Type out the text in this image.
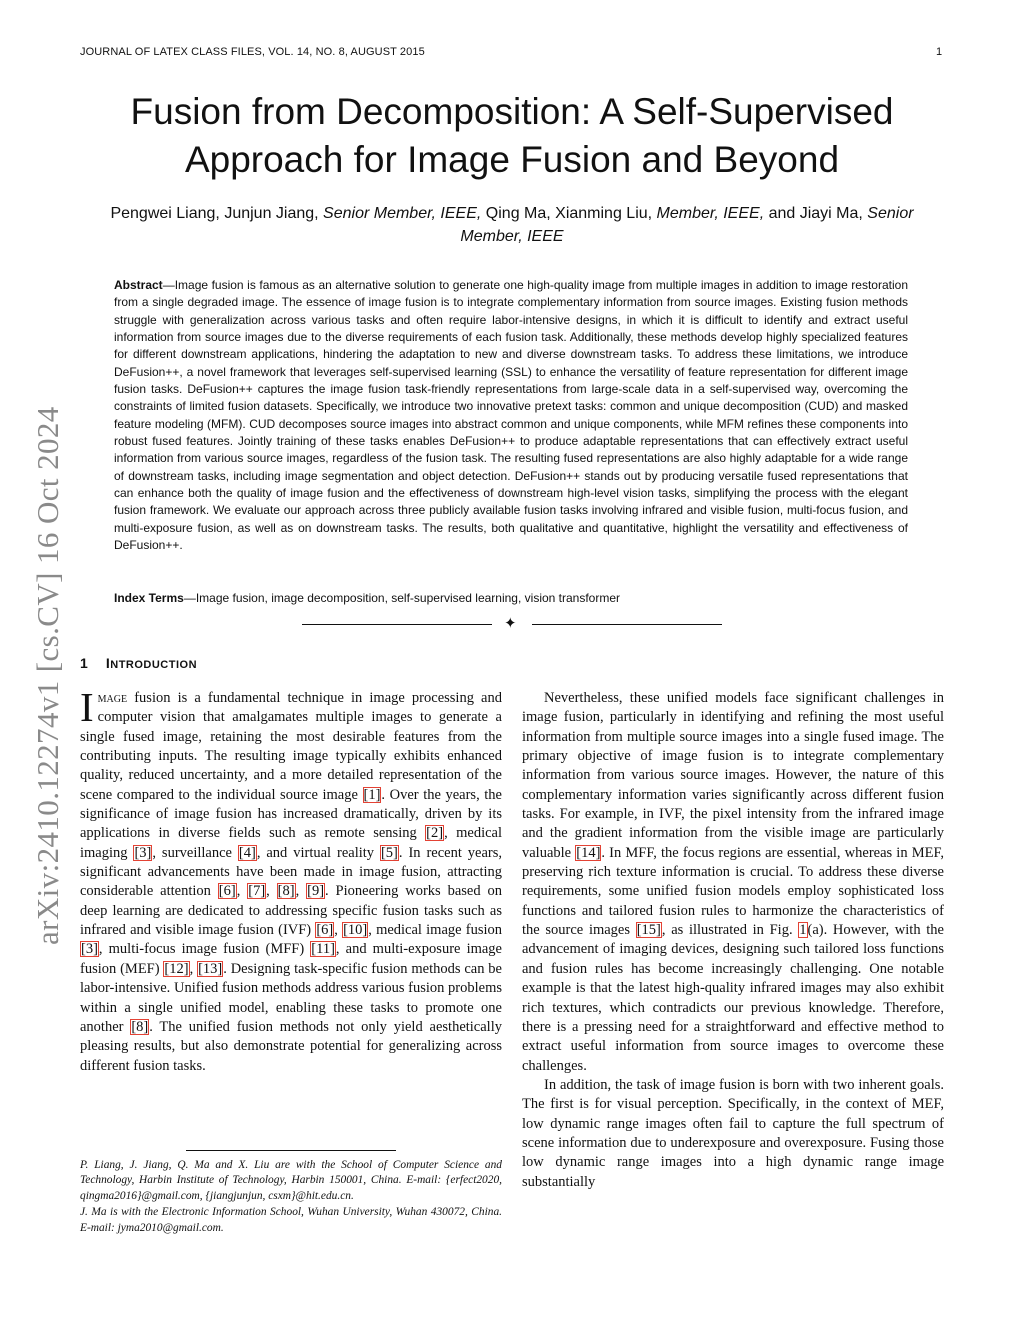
JOURNAL OF LATEX CLASS FILES, VOL. 14, NO. 8, AUGUST 2015	1
Fusion from Decomposition: A Self-Supervised
Approach for Image Fusion and Beyond
Pengwei Liang, Junjun Jiang, Senior Member, IEEE, Qing Ma, Xianming Liu, Member, IEEE, and Jiayi Ma, Senior Member, IEEE
Abstract—Image fusion is famous as an alternative solution to generate one high-quality image from multiple images in addition to image restoration from a single degraded image. The essence of image fusion is to integrate complementary information from source images. Existing fusion methods struggle with generalization across various tasks and often require labor-intensive designs, in which it is difficult to identify and extract useful information from source images due to the diverse requirements of each fusion task. Additionally, these methods develop highly specialized features for different downstream applications, hindering the adaptation to new and diverse downstream tasks. To address these limitations, we introduce DeFusion++, a novel framework that leverages self-supervised learning (SSL) to enhance the versatility of feature representation for different image fusion tasks. DeFusion++ captures the image fusion task-friendly representations from large-scale data in a self-supervised way, overcoming the constraints of limited fusion datasets. Specifically, we introduce two innovative pretext tasks: common and unique decomposition (CUD) and masked feature modeling (MFM). CUD decomposes source images into abstract common and unique components, while MFM refines these components into robust fused features. Jointly training of these tasks enables DeFusion++ to produce adaptable representations that can effectively extract useful information from various source images, regardless of the fusion task. The resulting fused representations are also highly adaptable for a wide range of downstream tasks, including image segmentation and object detection. DeFusion++ stands out by producing versatile fused representations that can enhance both the quality of image fusion and the effectiveness of downstream high-level vision tasks, simplifying the process with the elegant fusion framework. We evaluate our approach across three publicly available fusion tasks involving infrared and visible fusion, multi-focus fusion, and multi-exposure fusion, as well as on downstream tasks. The results, both qualitative and quantitative, highlight the versatility and effectiveness of DeFusion++.
Index Terms—Image fusion, image decomposition, self-supervised learning, vision transformer
✦
1 INTRODUCTION

Image fusion is a fundamental technique in image processing and computer vision that amalgamates multiple images to generate a single fused image, retaining the most desirable features from the contributing inputs. The resulting image typically exhibits enhanced quality, reduced uncertainty, and a more detailed representation of the scene compared to the individual source image [1]. Over the years, the significance of image fusion has increased dramatically, driven by its applications in diverse fields such as remote sensing [2], medical imaging [3], surveillance [4], and virtual reality [5]. In recent years, significant advancements have been made in image fusion, attracting considerable attention [6], [7], [8], [9]. Pioneering works based on deep learning are dedicated to addressing specific fusion tasks such as infrared and visible image fusion (IVF) [6], [10], medical image fusion [3], multi-focus image fusion (MFF) [11], and multi-exposure image fusion (MEF) [12], [13]. Designing task-specific fusion methods can be labor-intensive. Unified fusion methods address various fusion problems within a single unified model, enabling these tasks to promote one another [8]. The unified fusion methods not only yield aesthetically pleasing results, but also demonstrate potential for generalizing across different fusion tasks.

Nevertheless, these unified models face significant challenges in image fusion, particularly in identifying and refining the most useful information from multiple source images into a single fused image. The primary objective of image fusion is to integrate complementary information from various source images. However, the nature of this complementary information varies significantly across different fusion tasks. For example, in IVF, the pixel intensity from the infrared image and the gradient information from the visible image are particularly valuable [14]. In MFF, the focus regions are essential, whereas in MEF, preserving rich texture information is crucial. To address these diverse requirements, some unified fusion models employ sophisticated loss functions and tailored fusion rules to harmonize the characteristics of the source images [15], as illustrated in Fig. 1(a). However, with the advancement of imaging devices, designing such tailored loss functions and fusion rules has become increasingly challenging. One notable example is that the latest high-quality infrared images may also exhibit rich textures, which contradicts our previous knowledge. Therefore, there is a pressing need for a straightforward and effective method to extract useful information from source images to overcome these challenges.

In addition, the task of image fusion is born with two inherent goals. The first is for visual perception. Specifically, in the context of MEF, low dynamic range images often fail to capture the full spectrum of scene information due to underexposure and overexposure. Fusing those low dynamic range images into a high dynamic range image substantially

P. Liang, J. Jiang, Q. Ma and X. Liu are with the School of Computer Science and Technology, Harbin Institute of Technology, Harbin 150001, China. E-mail: {erfect2020, qingma2016}@gmail.com, {jiangjunjun, csxm}@hit.edu.cn.

J. Ma is with the Electronic Information School, Wuhan University, Wuhan 430072, China. E-mail: jyma2010@gmail.com.

arXiv:2410.12274v1 [cs.CV] 16 Oct 2024
